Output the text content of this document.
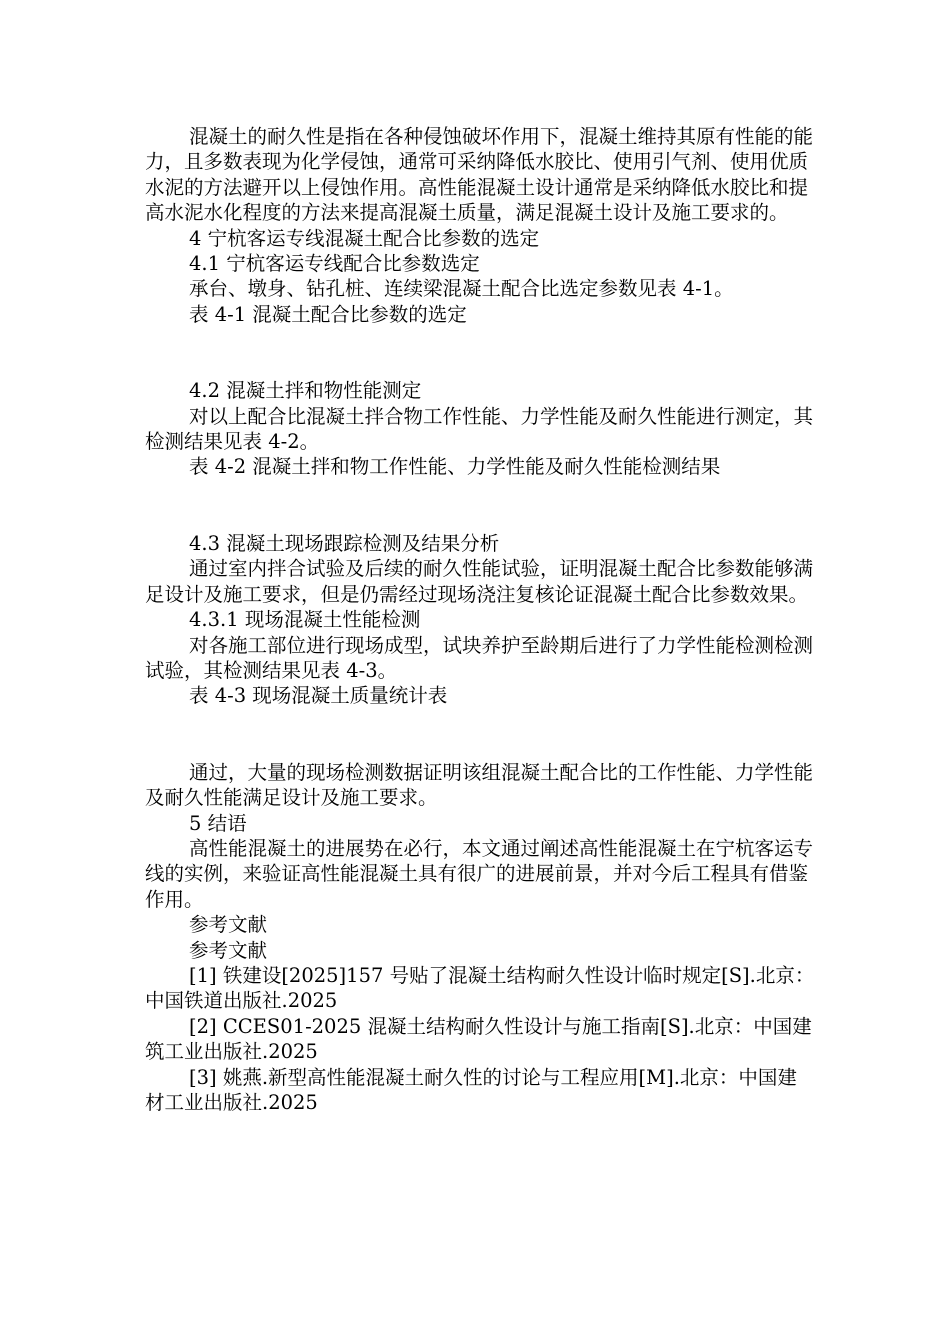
混凝土的耐久性是指在各种侵蚀破坏作用下，混凝土维持其原有性能的能力，且多数表现为化学侵蚀，通常可采纳降低水胶比、使用引气剂、使用优质水泥的方法避开以上侵蚀作用。高性能混凝土设计通常是采纳降低水胶比和提高水泥水化程度的方法来提高混凝土质量，满足混凝土设计及施工要求的。

4 宁杭客运专线混凝土配合比参数的选定

4.1 宁杭客运专线配合比参数选定

承台、墩身、钻孔桩、连续梁混凝土配合比选定参数见表 4-1。

表 4-1 混凝土配合比参数的选定

4.2 混凝土拌和物性能测定

对以上配合比混凝土拌合物工作性能、力学性能及耐久性能进行测定，其检测结果见表 4-2。

表 4-2 混凝土拌和物工作性能、力学性能及耐久性能检测结果

4.3 混凝土现场跟踪检测及结果分析

通过室内拌合试验及后续的耐久性能试验，证明混凝土配合比参数能够满足设计及施工要求，但是仍需经过现场浇注复核论证混凝土配合比参数效果。

4.3.1 现场混凝土性能检测

对各施工部位进行现场成型，试块养护至龄期后进行了力学性能检测检测试验，其检测结果见表 4-3。

表 4-3 现场混凝土质量统计表

通过，大量的现场检测数据证明该组混凝土配合比的工作性能、力学性能及耐久性能满足设计及施工要求。

5 结语

高性能混凝土的进展势在必行，本文通过阐述高性能混凝土在宁杭客运专线的实例，来验证高性能混凝土具有很广的进展前景，并对今后工程具有借鉴作用。

参考文献

参考文献

[1] 铁建设[2025]157 号贴了混凝土结构耐久性设计临时规定[S].北京：中国铁道出版社.2025

[2] CCES01-2025 混凝土结构耐久性设计与施工指南[S].北京：中国建筑工业出版社.2025

[3] 姚燕.新型高性能混凝土耐久性的讨论与工程应用[M].北京：中国建材工业出版社.2025
